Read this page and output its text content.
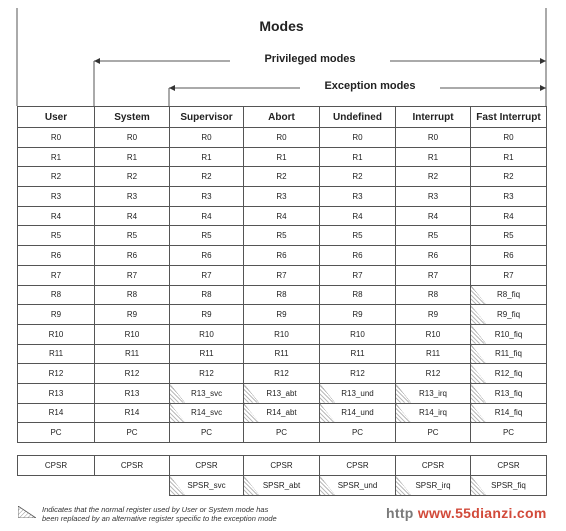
Modes
Privileged modes
Exception modes
User	System	Supervisor	Abort	Undefined	Interrupt	Fast Interrupt
R0	R0	R0	R0	R0	R0	R0
R1	R1	R1	R1	R1	R1	R1
R2	R2	R2	R2	R2	R2	R2
R3	R3	R3	R3	R3	R3	R3
R4	R4	R4	R4	R4	R4	R4
R5	R5	R5	R5	R5	R5	R5
R6	R6	R6	R6	R6	R6	R6
R7	R7	R7	R7	R7	R7	R7
R8	R8	R8	R8	R8	R8	R8_fiq
R9	R9	R9	R9	R9	R9	R9_fiq
R10	R10	R10	R10	R10	R10	R10_fiq
R11	R11	R11	R11	R11	R11	R11_fiq
R12	R12	R12	R12	R12	R12	R12_fiq
R13	R13	R13_svc	R13_abt	R13_und	R13_irq	R13_fiq
R14	R14	R14_svc	R14_abt	R14_und	R14_irq	R14_fiq
PC	PC	PC	PC	PC	PC	PC
CPSR	CPSR	CPSR	CPSR	CPSR	CPSR	CPSR
		SPSR_svc	SPSR_abt	SPSR_und	SPSR_irq	SPSR_fiq
Indicates that the normal register used by User or System mode has
been replaced by an alternative register specific to the exception mode	http www.55dianzi.com
